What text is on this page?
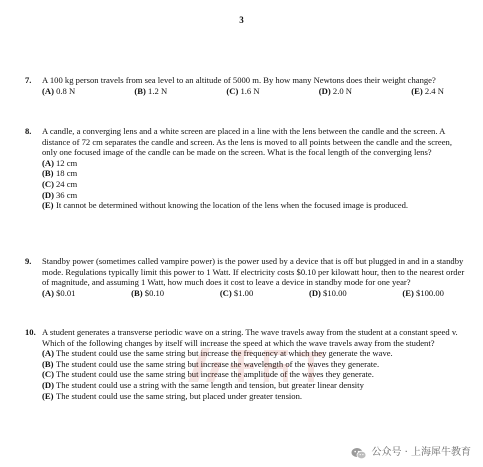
3
7. A 100 kg person travels from sea level to an altitude of 5000 m. By how many Newtons does their weight change?

(A) 0.8 N	(B) 1.2 N	(C) 1.6 N	(D) 2.0 N	(E) 2.4 N
8. A candle, a converging lens and a white screen are placed in a line with the lens between the candle and the screen. A distance of 72 cm separates the candle and screen. As the lens is moved to all points between the candle and the screen, only one focused image of the candle can be made on the screen. What is the focal length of the converging lens?

(A) 12 cm
(B) 18 cm
(C) 24 cm
(D) 36 cm
(E) It cannot be determined without knowing the location of the lens when the focused image is produced.
9. Standby power (sometimes called vampire power) is the power used by a device that is off but plugged in and in a standby mode. Regulations typically limit this power to 1 Watt. If electricity costs $0.10 per kilowatt hour, then to the nearest order of magnitude, and assuming 1 Watt, how much does it cost to leave a device in standby mode for one year?

(A) $0.01	(B) $0.10	(C) $1.00	(D) $10.00	(E) $100.00
10. A student generates a transverse periodic wave on a string. The wave travels away from the student at a constant speed v. Which of the following changes by itself will increase the speed at which the wave travels away from the student?

(A) The student could use the same string but increase the frequency at which they generate the wave.
(B) The student could use the same string but increase the wavelength of the waves they generate.
(C) The student could use the same string but increase the amplitude of the waves they generate.
(D) The student could use a string with the same length and tension, but greater linear density
(E) The student could use the same string, but placed under greater tension.
公众号 · 上海犀牛教育
